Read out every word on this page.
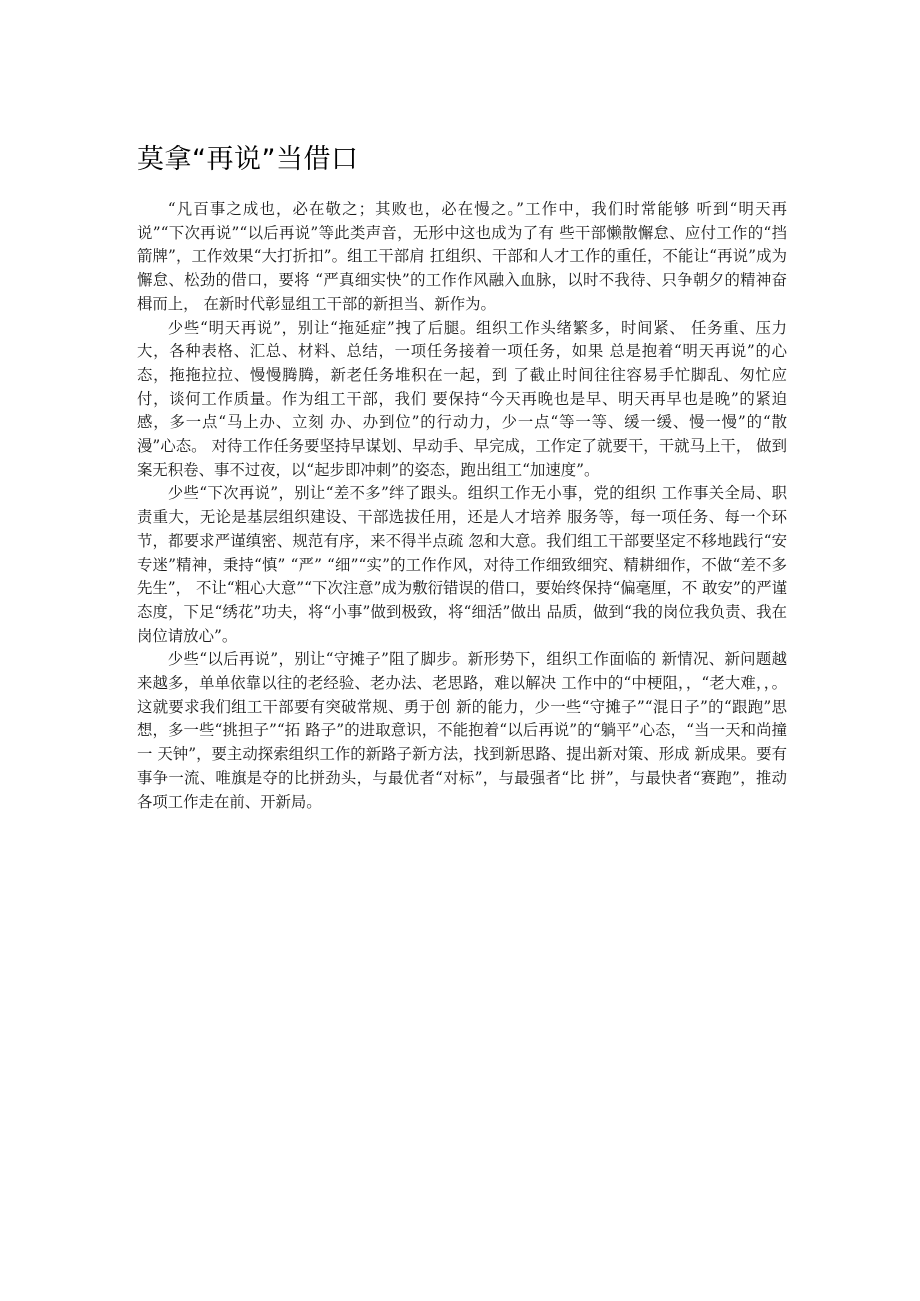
莫拿“再说”当借口

“凡百事之成也，必在敬之；其败也，必在慢之。”工作中，我们时常能够 听到“明天再说”“下次再说”“以后再说”等此类声音，无形中这也成为了有 些干部懒散懈怠、应付工作的“挡箭牌”，工作效果“大打折扣”。组工干部肩 扛组织、干部和人才工作的重任，不能让“再说”成为懈怠、松劲的借口，要将 “严真细实快”的工作作风融入血脉，以时不我待、只争朝夕的精神奋楫而上， 在新时代彰显组工干部的新担当、新作为。

少些“明天再说”，别让“拖延症”拽了后腿。组织工作头绪繁多，时间紧、 任务重、压力大，各种表格、汇总、材料、总结，一项任务接着一项任务，如果 总是抱着“明天再说”的心态，拖拖拉拉、慢慢腾腾，新老任务堆积在一起，到 了截止时间往往容易手忙脚乱、匆忙应付，谈何工作质量。作为组工干部，我们 要保持“今天再晚也是早、明天再早也是晚”的紧迫感，多一点“马上办、立刻 办、办到位”的行动力，少一点“等一等、缓一缓、慢一慢”的“散漫”心态。 对待工作任务要坚持早谋划、早动手、早完成，工作定了就要干，干就马上干， 做到案无积卷、事不过夜，以“起步即冲刺”的姿态，跑出组工“加速度”。

少些“下次再说”，别让“差不多”绊了跟头。组织工作无小事，党的组织 工作事关全局、职责重大，无论是基层组织建设、干部选拔任用，还是人才培养 服务等，每一项任务、每一个环节，都要求严谨缜密、规范有序，来不得半点疏 忽和大意。我们组工干部要坚定不移地践行“安专迷”精神，秉持“慎” “严” “细”“实”的工作作风，对待工作细致细究、精耕细作，不做“差不多先生”， 不让“粗心大意”“下次注意”成为敷衍错误的借口，要始终保持“偏毫厘，不 敢安”的严谨态度，下足“绣花”功夫，将“小事”做到极致，将“细活”做出 品质，做到“我的岗位我负责、我在岗位请放心”。

少些“以后再说”，别让“守摊子”阻了脚步。新形势下，组织工作面临的 新情况、新问题越来越多，单单依靠以往的老经验、老办法、老思路，难以解决 工作中的“中梗阻，，“老大难，，。这就要求我们组工干部要有突破常规、勇于创 新的能力，少一些“守摊子”“混日子”的“跟跑”思想，多一些“挑担子”“拓 路子”的进取意识，不能抱着“以后再说”的“躺平”心态，“当一天和尚撞一 天钟”，要主动探索组织工作的新路子新方法，找到新思路、提出新对策、形成 新成果。要有事争一流、唯旗是夺的比拼劲头，与最优者“对标”，与最强者“比 拼”，与最快者“赛跑”，推动各项工作走在前、开新局。
